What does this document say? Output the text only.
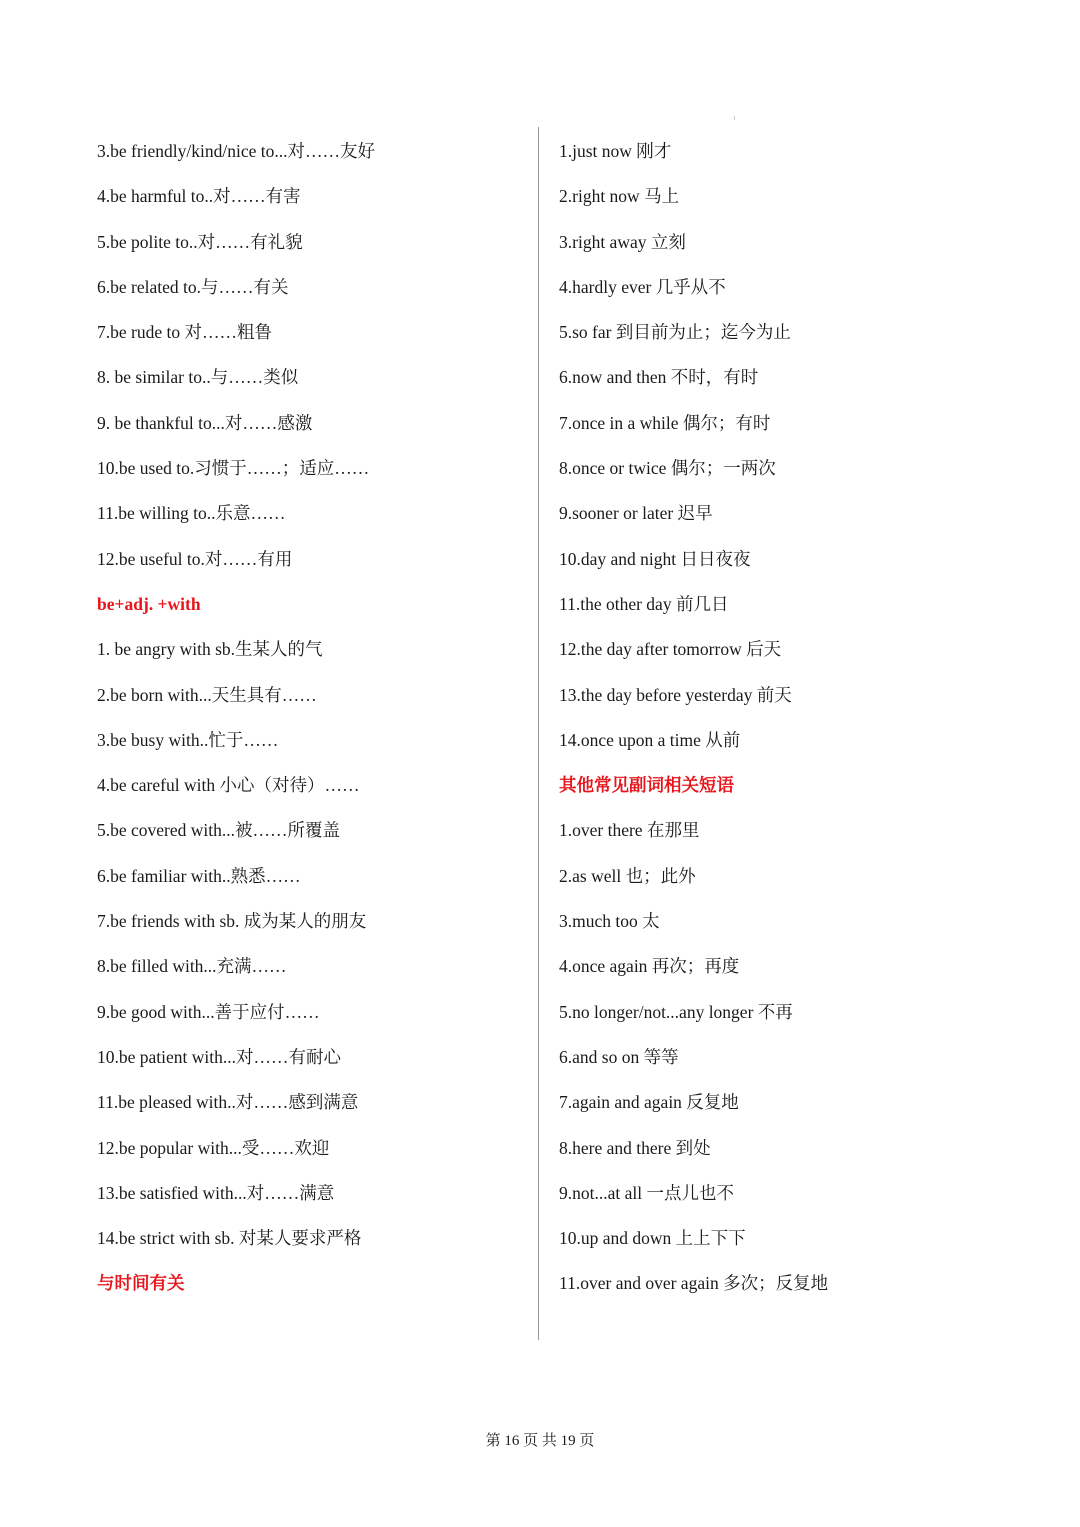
3.be friendly/kind/nice to...对……友好
4.be harmful to..对……有害
5.be polite to..对……有礼貌
6.be related to.与……有关
7.be rude to 对……粗鲁
8. be similar to..与……类似
9. be thankful to...对……感激
10.be used to.习惯于……；适应……
11.be willing to..乐意……
12.be useful to.对……有用
be+adj. +with
1. be angry with sb.生某人的气
2.be born with...天生具有……
3.be busy with..忙于……
4.be careful with 小心（对待）……
5.be covered with...被……所覆盖
6.be familiar with..熟悉……
7.be friends with sb. 成为某人的朋友
8.be filled with...充满……
9.be good with...善于应付……
10.be patient with...对……有耐心
11.be pleased with..对……感到满意
12.be popular with...受……欢迎
13.be satisfied with...对……满意
14.be strict with sb. 对某人要求严格
与时间有关
1.just now 刚才
2.right now 马上
3.right away 立刻
4.hardly ever 几乎从不
5.so far 到目前为止；迄今为止
6.now and then 不时，有时
7.once in a while 偶尔；有时
8.once or twice 偶尔；一两次
9.sooner or later 迟早
10.day and night 日日夜夜
11.the other day 前几日
12.the day after tomorrow 后天
13.the day before yesterday 前天
14.once upon a time 从前
其他常见副词相关短语
1.over there 在那里
2.as well 也；此外
3.much too 太
4.once again 再次；再度
5.no longer/not...any longer 不再
6.and so on 等等
7.again and again 反复地
8.here and there 到处
9.not...at all 一点儿也不
10.up and down 上上下下
11.over and over again 多次；反复地
第 16 页 共 19 页
